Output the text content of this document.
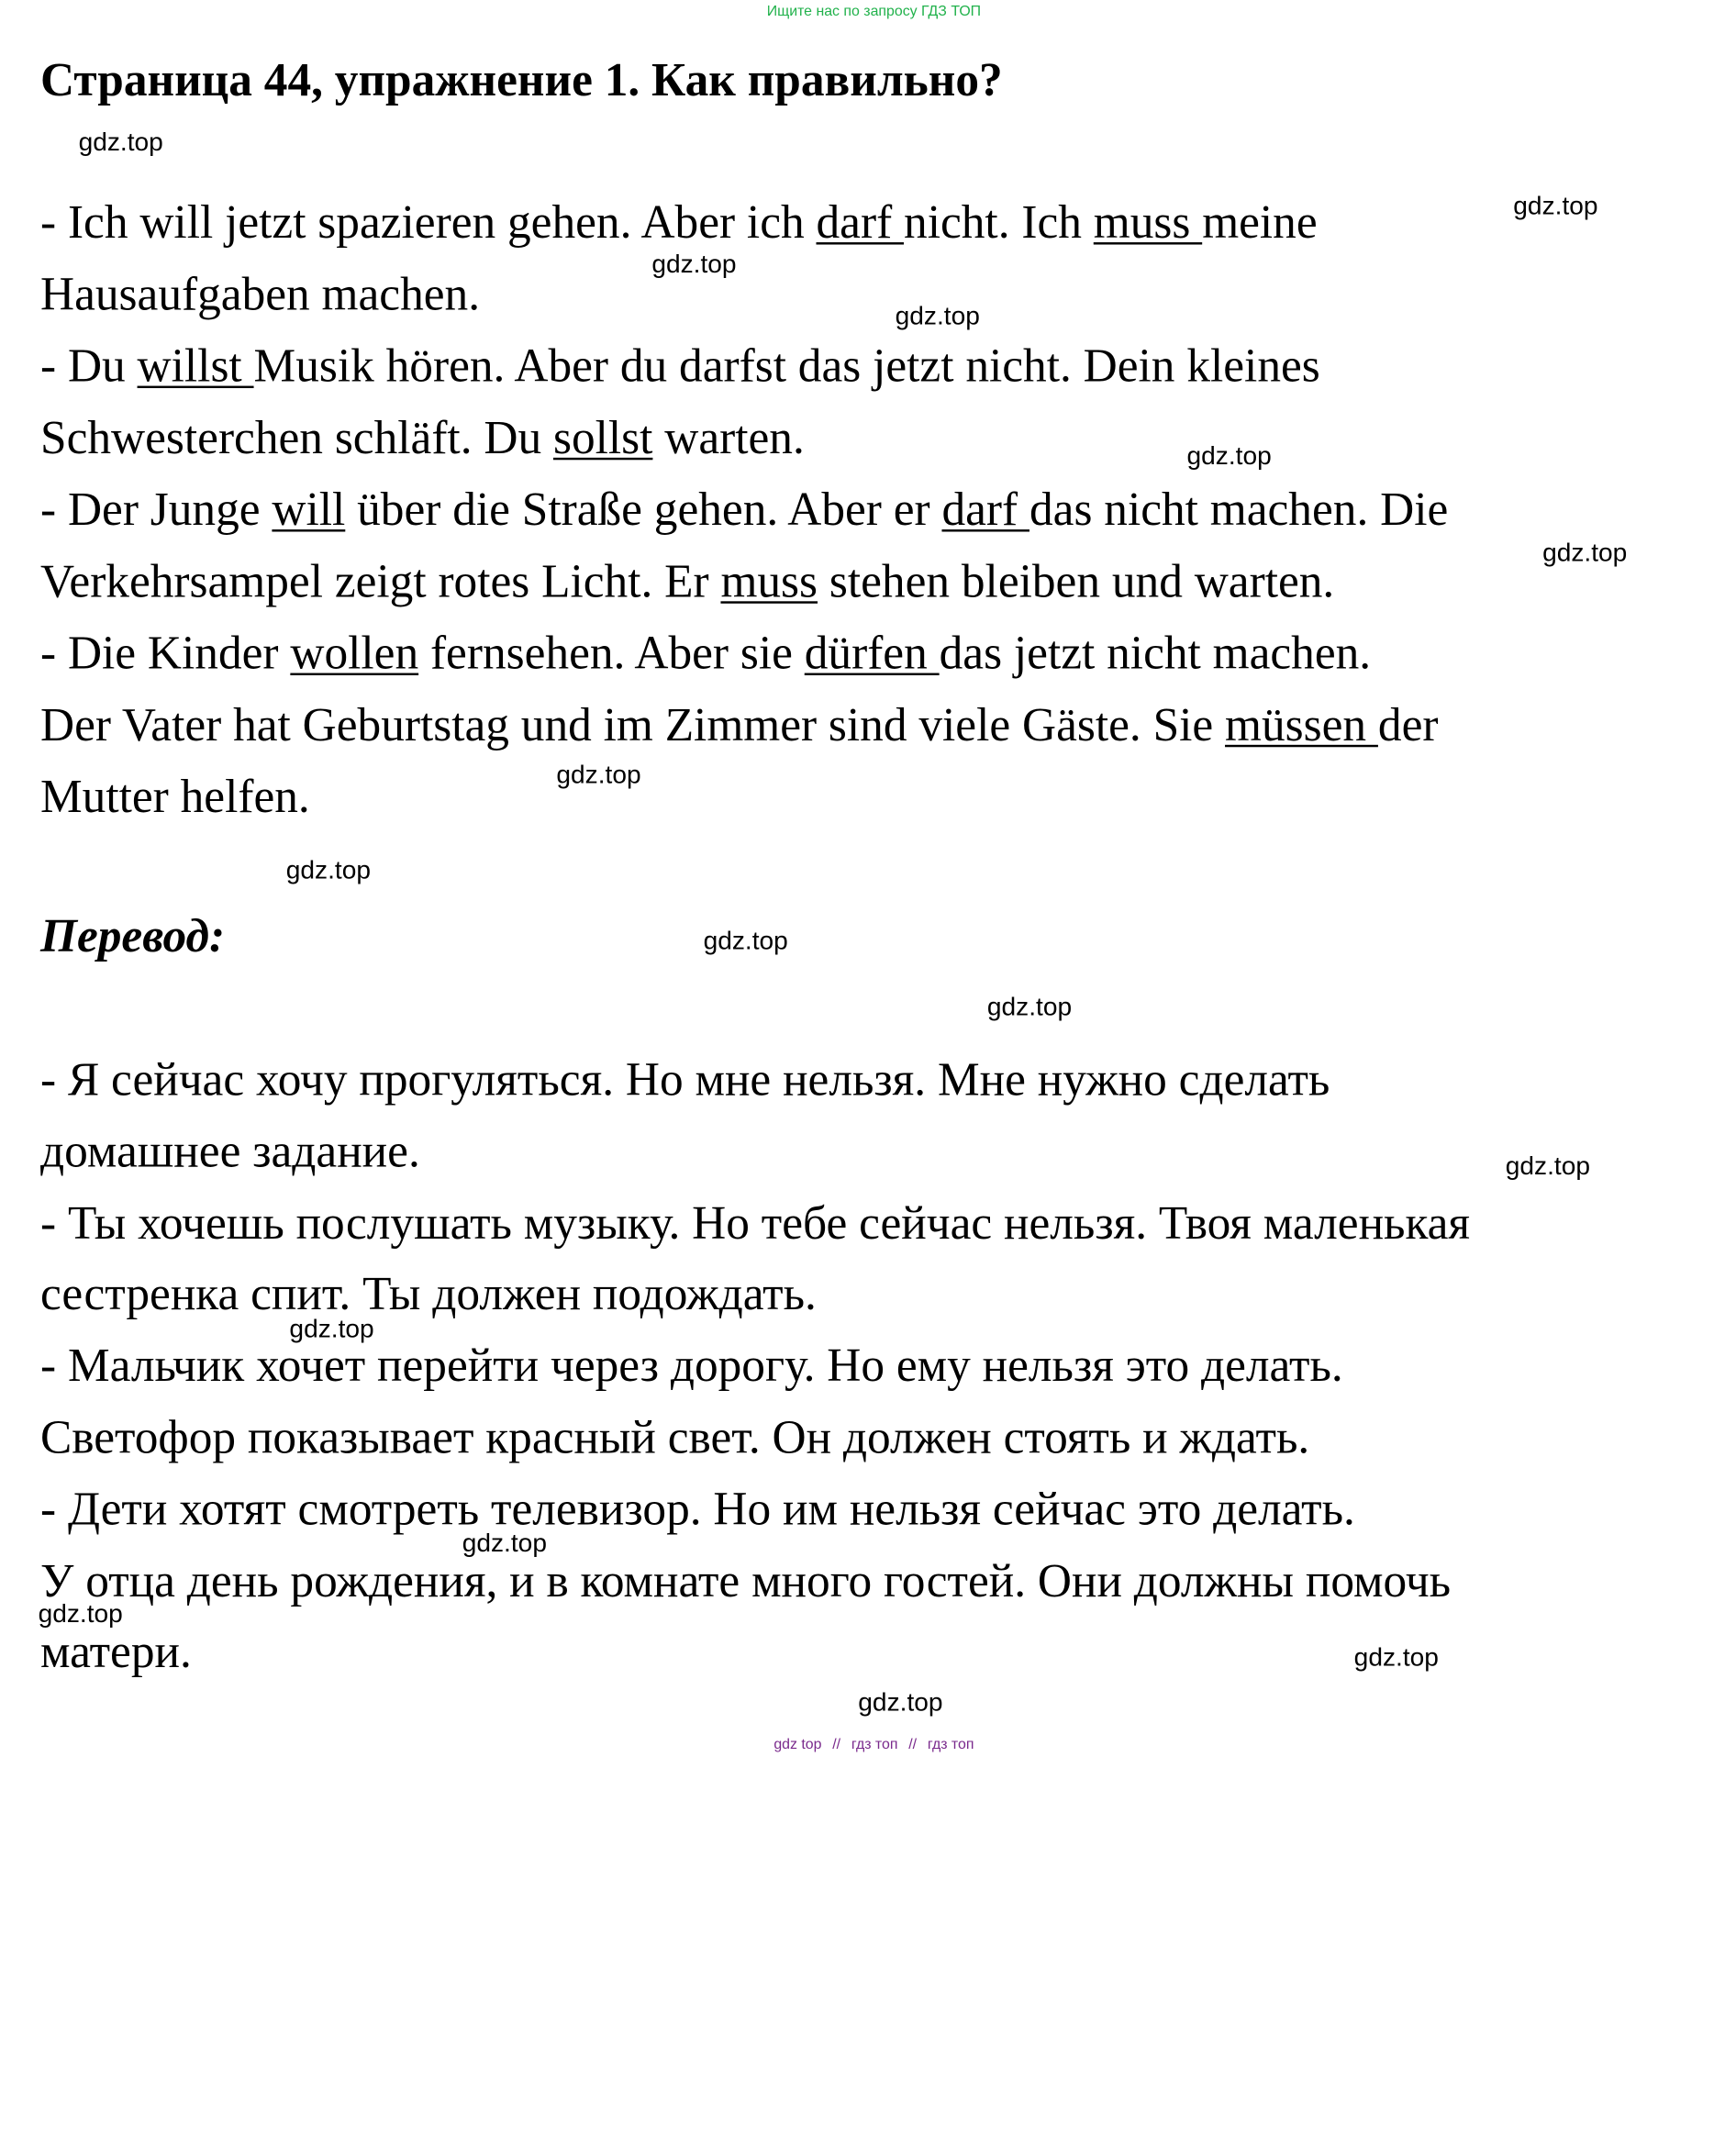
Ищите нас по запросу ГДЗ ТОП
Страница 44, упражнение 1. Как правильно?
- Ich will jetzt spazieren gehen. Aber ich darf nicht. Ich muss meine
Hausaufgaben machen.
- Du willst Musik hören. Aber du darfst das jetzt nicht. Dein kleines
Schwesterchen schläft. Du sollst warten.
- Der Junge will über die Straße gehen. Aber er darf das nicht machen. Die
Verkehrsampel zeigt rotes Licht. Er muss stehen bleiben und warten.
- Die Kinder wollen fernsehen. Aber sie dürfen das jetzt nicht machen.
Der Vater hat Geburtstag und im Zimmer sind viele Gäste. Sie müssen der
Mutter helfen.
Перевод:
- Я сейчас хочу прогуляться. Но мне нельзя. Мне нужно сделать
домашнее задание.
- Ты хочешь послушать музыку. Но тебе сейчас нельзя. Твоя маленькая
сестренка спит. Ты должен подождать.
- Мальчик хочет перейти через дорогу. Но ему нельзя это делать.
Светофор показывает красный свет. Он должен стоять и ждать.
- Дети хотят смотреть телевизор. Но им нельзя сейчас это делать.
У отца день рождения, и в комнате много гостей. Они должны помочь
матери.
gdz.top
gdz.top
gdz.top
gdz.top
gdz.top
gdz.top
gdz.top
gdz.top
gdz.top
gdz.top
gdz.top
gdz.top
gdz.top
gdz.top
gdz.top
gdz.top
gdz top // гдз топ // гдз топ
